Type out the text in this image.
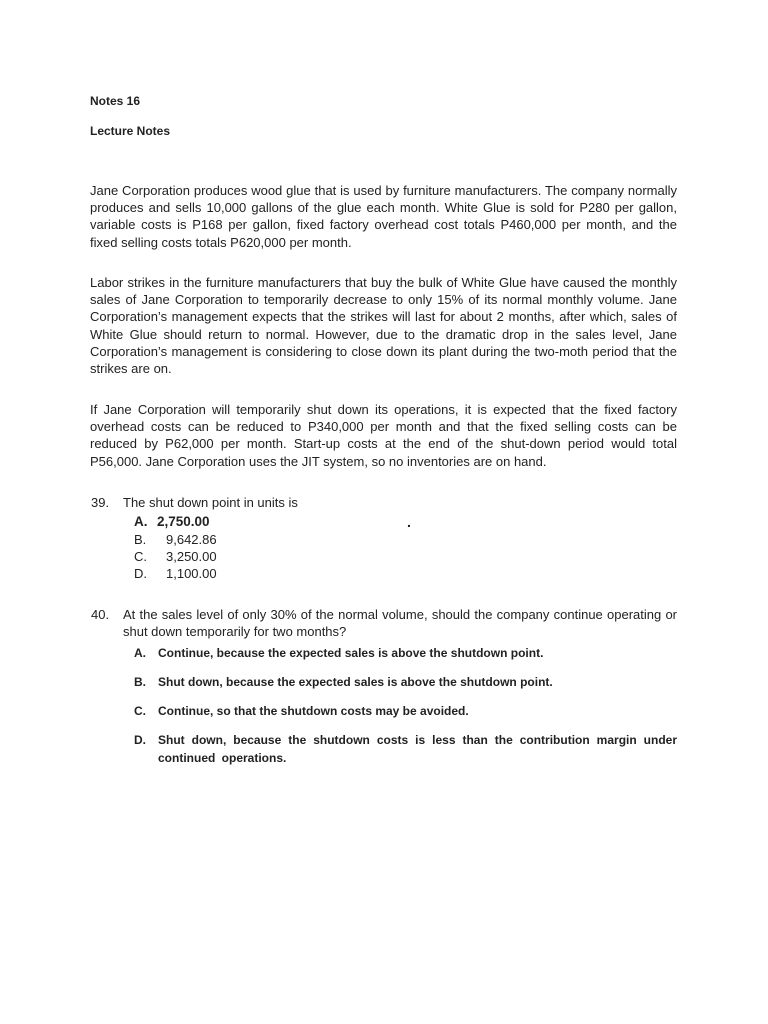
Notes 16
Lecture Notes

Jane Corporation produces wood glue that is used by furniture manufacturers. The company normally produces and sells 10,000 gallons of the glue each month. White Glue is sold for P280 per gallon, variable costs is P168 per gallon, fixed factory overhead cost totals P460,000 per month, and the fixed selling costs totals P620,000 per month.

Labor strikes in the furniture manufacturers that buy the bulk of White Glue have caused the monthly sales of Jane Corporation to temporarily decrease to only 15% of its normal monthly volume. Jane Corporation’s management expects that the strikes will last for about 2 months, after which, sales of White Glue should return to normal. However, due to the dramatic drop in the sales level, Jane Corporation’s management is considering to close down its plant during the two-moth period that the strikes are on.

If Jane Corporation will temporarily shut down its operations, it is expected that the fixed factory overhead costs can be reduced to P340,000 per month and that the fixed selling costs can be reduced by P62,000 per month. Start-up costs at the end of the shut-down period would total P56,000. Jane Corporation uses the JIT system, so no inventories are on hand.

39. The shut down point in units is
A. 2,750.00	.
B. 9,642.86
C. 3,250.00
D. 1,100.00
40. At the sales level of only 30% of the normal volume, should the company continue operating or shut down temporarily for two months?

A. Continue, because the expected sales is above the shutdown point.
B. Shut down, because the expected sales is above the shutdown point.
C. Continue, so that the shutdown costs may be avoided.
D. Shut down, because the shutdown costs is less than the contribution margin under continued operations.
